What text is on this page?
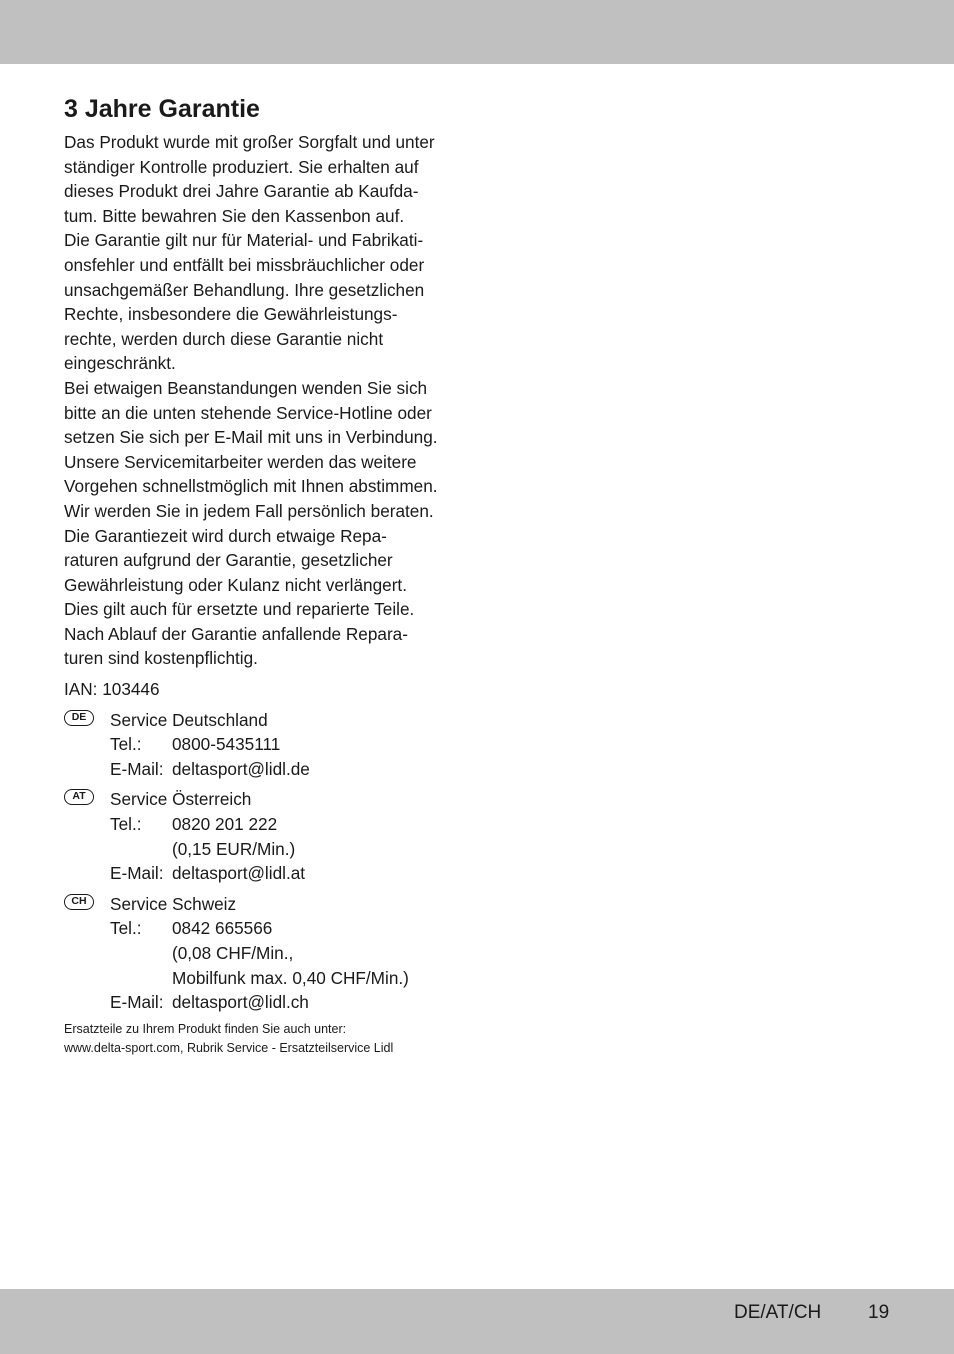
3 Jahre Garantie
Das Produkt wurde mit großer Sorgfalt und unter
ständiger Kontrolle produziert. Sie erhalten auf
dieses Produkt drei Jahre Garantie ab Kaufda-
tum. Bitte bewahren Sie den Kassenbon auf.
Die Garantie gilt nur für Material- und Fabrikati-
onsfehler und entfällt bei missbräuchlicher oder
unsachgemäßer Behandlung. Ihre gesetzlichen
Rechte, insbesondere die Gewährleistungs-
rechte, werden durch diese Garantie nicht
eingeschränkt.
Bei etwaigen Beanstandungen wenden Sie sich
bitte an die unten stehende Service-Hotline oder
setzen Sie sich per E-Mail mit uns in Verbindung.
Unsere Servicemitarbeiter werden das weitere
Vorgehen schnellstmöglich mit Ihnen abstimmen.
Wir werden Sie in jedem Fall persönlich beraten.
Die Garantiezeit wird durch etwaige Repa-
raturen aufgrund der Garantie, gesetzlicher
Gewährleistung oder Kulanz nicht verlängert.
Dies gilt auch für ersetzte und reparierte Teile.
Nach Ablauf der Garantie anfallende Repara-
turen sind kostenpflichtig.
IAN: 103446
DE	Service Deutschland
Tel.:	0800-5435111
E-Mail: deltasport@lidl.de
AT	Service Österreich
Tel.:	0820 201 222
(0,15 EUR/Min.)
E-Mail: deltasport@lidl.at
CH	Service Schweiz
Tel.:	0842 665566
(0,08 CHF/Min.,
Mobilfunk max. 0,40 CHF/Min.)
E-Mail: deltasport@lidl.ch
Ersatzteile zu Ihrem Produkt finden Sie auch unter:
www.delta-sport.com, Rubrik Service - Ersatzteilservice Lidl
DE/AT/CH 19
